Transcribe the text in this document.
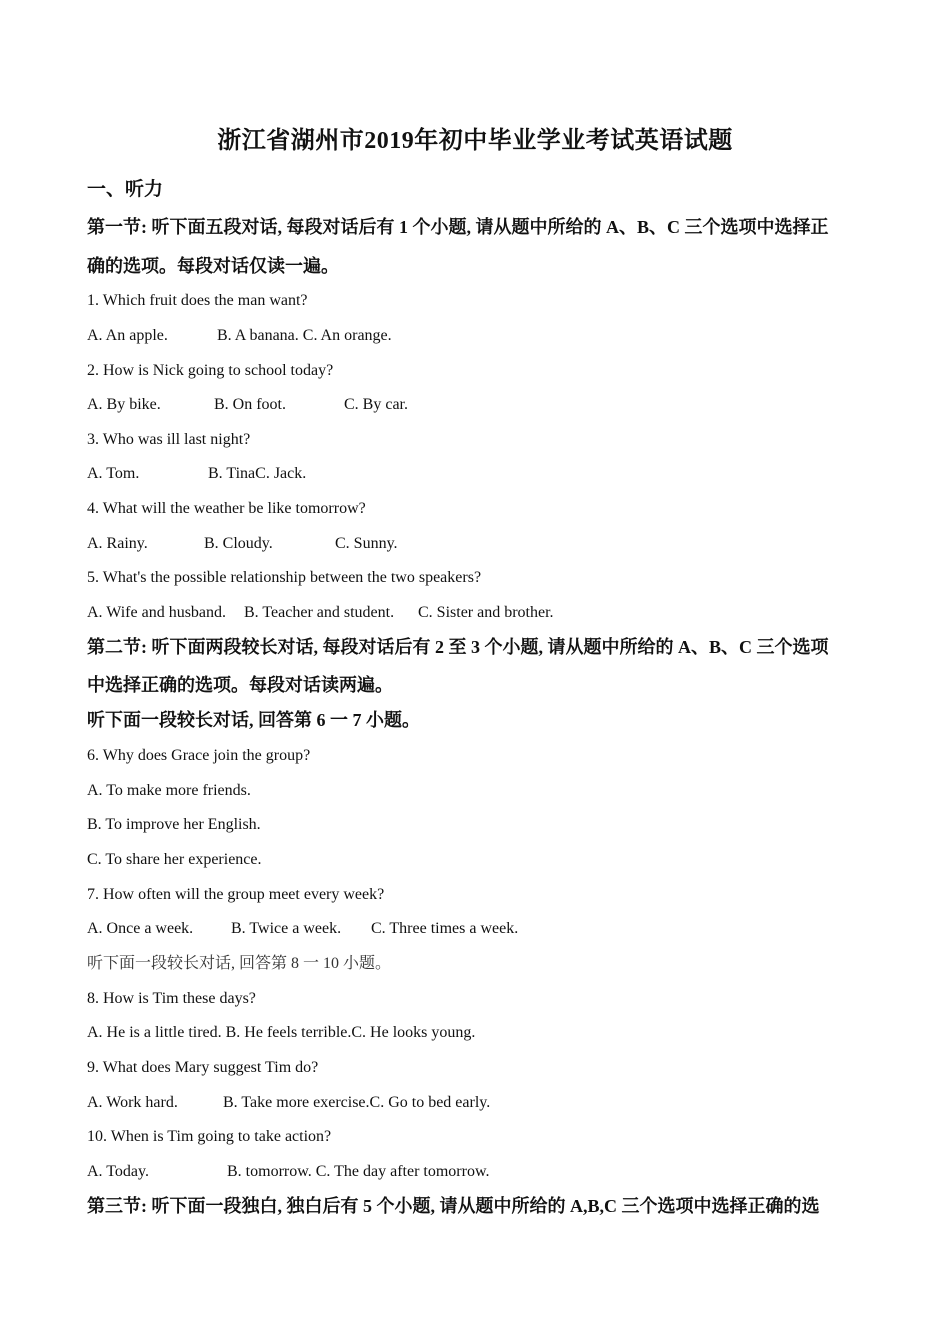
浙江省湖州市2019年初中毕业学业考试英语试题
一、听力
第一节: 听下面五段对话, 每段对话后有 1 个小题, 请从题中所给的 A、B、C 三个选项中选择正
确的选项。每段对话仅读一遍。
1. Which fruit does the man want?
A. An apple.	B. A banana. C. An orange.
2. How is Nick going to school today?
A. By bike.	B. On foot.	C. By car.
3. Who was ill last night?
A. Tom.	B. TinaC. Jack.
4. What will the weather be like tomorrow?
A. Rainy.	B. Cloudy.	C. Sunny.
5. What's the possible relationship between the two speakers?
A. Wife and husband. B. Teacher and student. C. Sister and brother.
第二节: 听下面两段较长对话, 每段对话后有 2 至 3 个小题, 请从题中所给的 A、B、C 三个选项
中选择正确的选项。每段对话读两遍。
听下面一段较长对话, 回答第 6 一 7 小题。
6. Why does Grace join the group?
A. To make more friends.
B. To improve her English.
C. To share her experience.
7. How often will the group meet every week?
A. Once a week. B. Twice a week. C. Three times a week.
听下面一段较长对话, 回答第 8 一 10 小题。
8. How is Tim these days?
A. He is a little tired. B. He feels terrible.C. He looks young.
9. What does Mary suggest Tim do?
A. Work hard.	B. Take more exercise.C. Go to bed early.
10. When is Tim going to take action?
A. Today.	B. tomorrow. C. The day after tomorrow.
第三节: 听下面一段独白, 独白后有 5 个小题, 请从题中所给的 A,B,C 三个选项中选择正确的选
